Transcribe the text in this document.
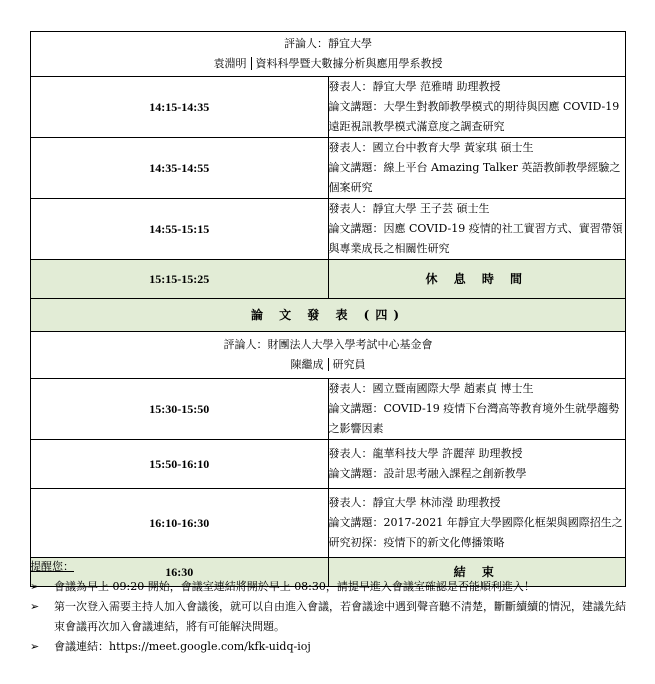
評論人：靜宜大學
袁淵明 資料科學暨大數據分析與應用學系教授	

14:15-14:35	發表人：靜宜大學 范雅晴 助理教授
論文講題：大學生對教師教學模式的期待與因應 COVID-19 遠距視訊教學模式滿意度之調查研究

14:35-14:55	發表人：國立台中教育大學 黃家琪 碩士生
論文講題：線上平台 Amazing Talker 英語教師教學經驗之個案研究

14:55-15:15	發表人：靜宜大學 王子芸 碩士生
論文講題：因應 COVID-19 疫情的社工實習方式、實習帶領與專業成長之相關性研究

15:15-15:25	休 息 時 間
論 文 發 表 (四)	

評論人：財團法人大學入學考試中心基金會
陳繼成 研究員	

15:30-15:50	發表人：國立暨南國際大學 趙素貞 博士生
論文講題：COVID-19 疫情下台灣高等教育境外生就學趨勢之影響因素

15:50-16:10	發表人：龍華科技大學 許麗萍 助理教授
論文講題：設計思考融入課程之創新教學

16:10-16:30	發表人：靜宜大學 林沛瀅 助理教授
論文講題：2017-2021 年靜宜大學國際化框架與國際招生之研究初探：疫情下的新文化傳播策略

16:30	結 束
提醒您：
➢ 會議為早上 09:20 開始，會議室連結將開於早上 08:30，請提早進入會議室確認是否能順利進入！
➢ 第一次登入需要主持人加入會議後，就可以自由進入會議，若會議途中遇到聲音聽不清楚，斷斷續續的情況，建議先結束會議再次加入會議連結，將有可能解決問題。
➢ 會議連結：https://meet.google.com/kfk-uidq-ioj
